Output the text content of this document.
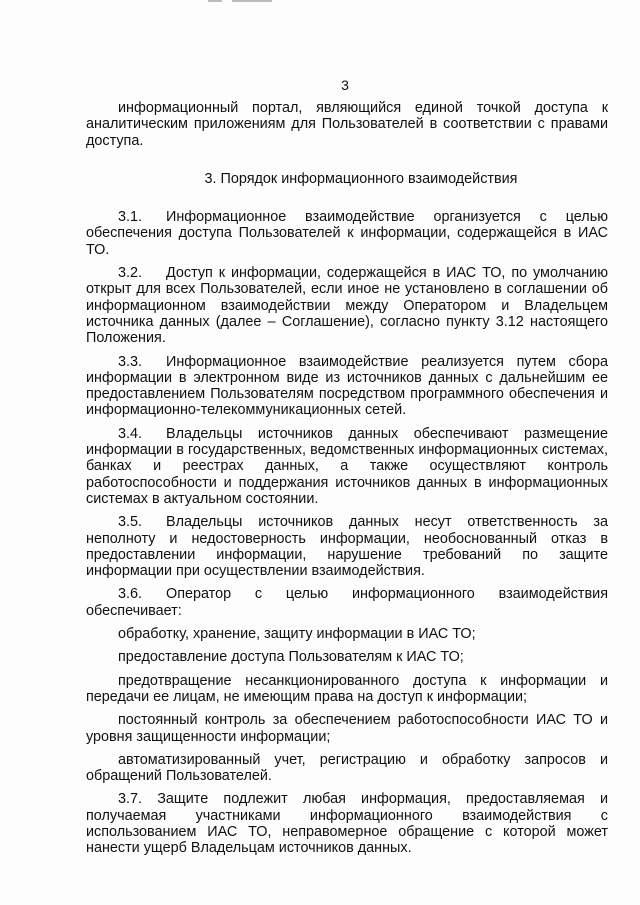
3

информационный портал, являющийся единой точкой доступа к аналитическим приложениям для Пользователей в соответствии с правами доступа.

3. Порядок информационного взаимодействия

3.1. Информационное взаимодействие организуется с целью обеспечения доступа Пользователей к информации, содержащейся в ИАС ТО.

3.2. Доступ к информации, содержащейся в ИАС ТО, по умолчанию открыт для всех Пользователей, если иное не установлено в соглашении об информационном взаимодействии между Оператором и Владельцем источника данных (далее – Соглашение), согласно пункту 3.12 настоящего Положения.

3.3. Информационное взаимодействие реализуется путем сбора информации в электронном виде из источников данных с дальнейшим ее предоставлением Пользователям посредством программного обеспечения и информационно-телекоммуникационных сетей.

3.4. Владельцы источников данных обеспечивают размещение информации в государственных, ведомственных информационных системах, банках и реестрах данных, а также осуществляют контроль работоспособности и поддержания источников данных в информационных системах в актуальном состоянии.

3.5. Владельцы источников данных несут ответственность за неполноту и недостоверность информации, необоснованный отказ в предоставлении информации, нарушение требований по защите информации при осуществлении взаимодействия.

3.6. Оператор с целью информационного взаимодействия обеспечивает:

обработку, хранение, защиту информации в ИАС ТО;

предоставление доступа Пользователям к ИАС ТО;

предотвращение несанкционированного доступа к информации и передачи ее лицам, не имеющим права на доступ к информации;

постоянный контроль за обеспечением работоспособности ИАС ТО и уровня защищенности информации;

автоматизированный учет, регистрацию и обработку запросов и обращений Пользователей.

3.7. Защите подлежит любая информация, предоставляемая и получаемая участниками информационного взаимодействия с использованием ИАС ТО, неправомерное обращение с которой может нанести ущерб Владельцам источников данных.
